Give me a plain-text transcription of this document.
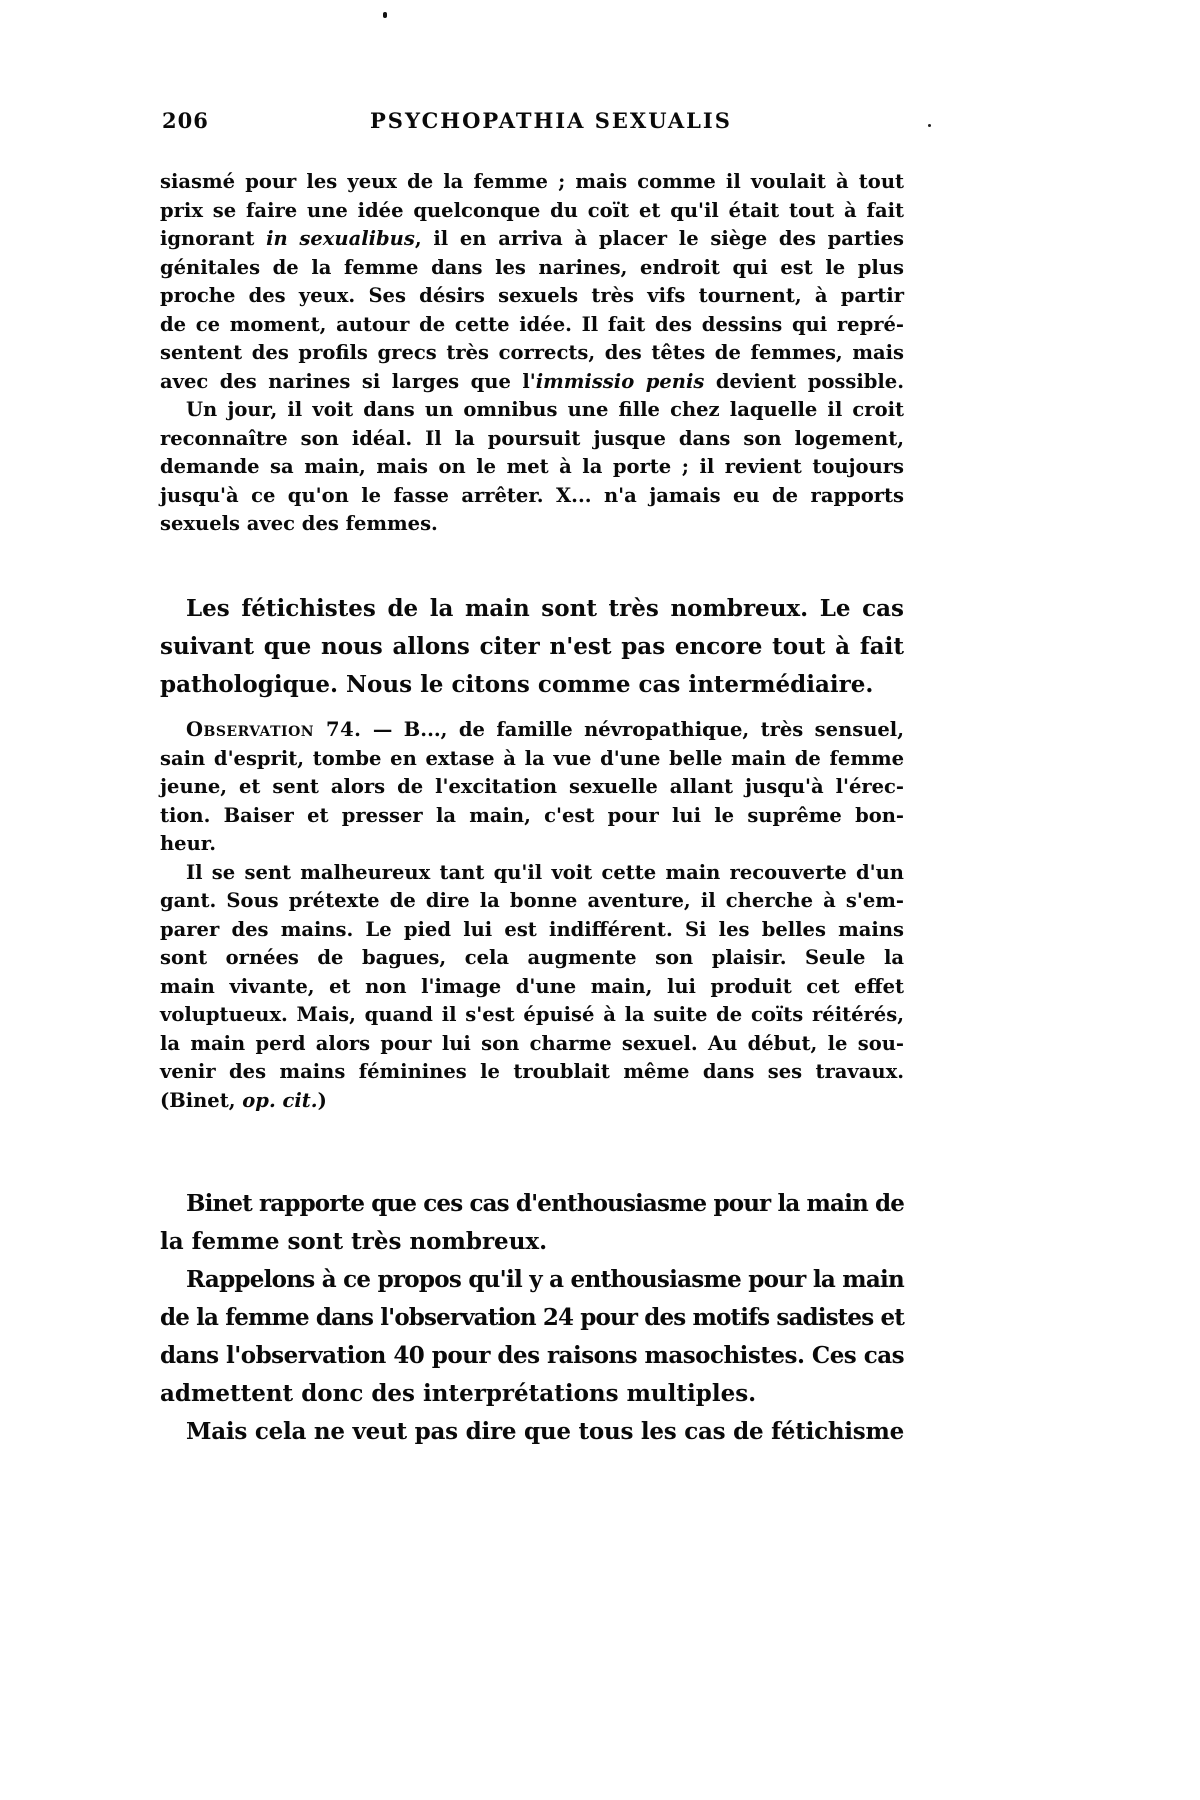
206	PSYCHOPATHIA SEXUALIS
siasmé pour les yeux de la femme ; mais comme il voulait à tout
prix se faire une idée quelconque du coït et qu'il était tout à fait
ignorant in sexualibus, il en arriva à placer le siège des parties
génitales de la femme dans les narines, endroit qui est le plus
proche des yeux. Ses désirs sexuels très vifs tournent, à partir
de ce moment, autour de cette idée. Il fait des dessins qui repré-
sentent des profils grecs très corrects, des têtes de femmes, mais
avec des narines si larges que l'immissio penis devient possible.
Un jour, il voit dans un omnibus une fille chez laquelle il croit
reconnaître son idéal. Il la poursuit jusque dans son logement,
demande sa main, mais on le met à la porte ; il revient toujours
jusqu'à ce qu'on le fasse arrêter. X... n'a jamais eu de rapports
sexuels avec des femmes.
Les fétichistes de la main sont très nombreux. Le cas
suivant que nous allons citer n'est pas encore tout à fait
pathologique. Nous le citons comme cas intermédiaire.
Observation 74. — B..., de famille névropathique, très sensuel,
sain d'esprit, tombe en extase à la vue d'une belle main de femme
jeune, et sent alors de l'excitation sexuelle allant jusqu'à l'érec-
tion. Baiser et presser la main, c'est pour lui le suprême bon-
heur.
Il se sent malheureux tant qu'il voit cette main recouverte d'un
gant. Sous prétexte de dire la bonne aventure, il cherche à s'em-
parer des mains. Le pied lui est indifférent. Si les belles mains
sont ornées de bagues, cela augmente son plaisir. Seule la
main vivante, et non l'image d'une main, lui produit cet effet
voluptueux. Mais, quand il s'est épuisé à la suite de coïts réitérés,
la main perd alors pour lui son charme sexuel. Au début, le sou-
venir des mains féminines le troublait même dans ses travaux.
(Binet, op. cit.)
Binet rapporte que ces cas d'enthousiasme pour la main de
la femme sont très nombreux.
Rappelons à ce propos qu'il y a enthousiasme pour la main
de la femme dans l'observation 24 pour des motifs sadistes et
dans l'observation 40 pour des raisons masochistes. Ces cas
admettent donc des interprétations multiples.
Mais cela ne veut pas dire que tous les cas de fétichisme
